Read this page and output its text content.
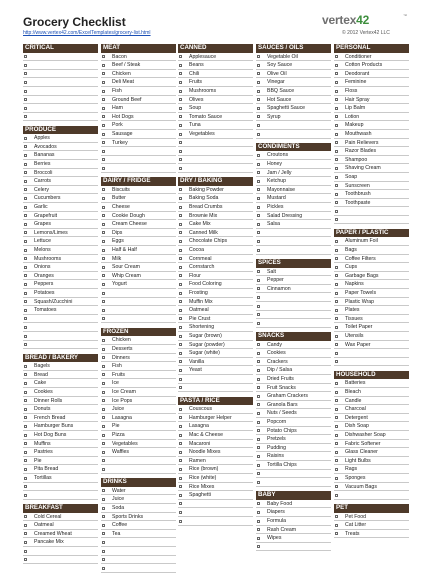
Grocery Checklist
http://www.vertex42.com/ExcelTemplates/grocery-list.html
vertex42	™
© 2012 Vertex42 LLC
CRITICAL
PRODUCE
Apples
Avocados
Bananas
Berries
Broccoli
Carrots
Celery
Cucumbers
Garlic
Grapefruit
Grapes
Lemons/Limes
Lettuce
Melons
Mushrooms
Onions
Oranges
Peppers
Potatoes
Squash/Zucchini
Tomatoes
BREAD / BAKERY
Bagels
Bread
Cake
Cookies
Dinner Rolls
Donuts
French Bread
Hamburger Buns
Hot Dog Buns
Muffins
Pastries
Pie
Pita Bread
Tortillas
BREAKFAST
Cold Cereal
Oatmeal
Creamed Wheat
Pancake Mix
MEAT
Bacon
Beef / Steak
Chicken
Deli Meat
Fish
Ground Beef
Ham
Hot Dogs
Pork
Sausage
Turkey
DAIRY / FRIDGE
Biscuits
Butter
Cheese
Cookie Dough
Cream Cheese
Dips
Eggs
Half & Half
Milk
Sour Cream
Whip Cream
Yogurt
FROZEN
Chicken
Desserts
Dinners
Fish
Fruits
Ice
Ice Cream
Ice Pops
Juice
Lasagna
Pie
Pizza
Vegetables
Waffles
DRINKS
Water
Juice
Soda
Sports Drinks
Coffee
Tea
CANNED
Applesauce
Beans
Chili
Fruits
Mushrooms
Olives
Soup
Tomato Sauce
Tuna
Vegetables
DRY / BAKING
Baking Powder
Baking Soda
Bread Crumbs
Brownie Mix
Cake Mix
Canned Milk
Chocolate Chips
Cocoa
Cornmeal
Cornstarch
Flour
Food Coloring
Frosting
Muffin Mix
Oatmeal
Pie Crust
Shortening
Sugar (brown)
Sugar (powder)
Sugar (white)
Vanilla
Yeast
PASTA / RICE
Couscous
Hamburger Helper
Lasagna
Mac & Cheese
Macaroni
Noodle Mixes
Ramen
Rice (brown)
Rice (white)
Rice Mixes
Spaghetti
SAUCES / OILS
Vegetable Oil
Soy Sauce
Olive Oil
Vinegar
BBQ Sauce
Hot Sauce
Spaghetti Sauce
Syrup
CONDIMENTS
Croutons
Honey
Jam / Jelly
Ketchup
Mayonnaise
Mustard
Pickles
Salad Dressing
Salsa
SPICES
Salt
Pepper
Cinnamon
SNACKS
Candy
Cookies
Crackers
Dip / Salsa
Dried Fruits
Fruit Snacks
Graham Crackers
Granola Bars
Nuts / Seeds
Popcorn
Potato Chips
Pretzels
Pudding
Raisins
Tortilla Chips
BABY
Baby Food
Diapers
Formula
Rash Cream
Wipes
PERSONAL
Conditioner
Cotton Products
Deodorant
Feminine
Floss
Hair Spray
Lip Balm
Lotion
Makeup
Mouthwash
Pain Relievers
Razor Blades
Shampoo
Shaving Cream
Soap
Sunscreen
Toothbrush
Toothpaste
PAPER / PLASTIC
Aluminum Foil
Bags
Coffee Filters
Cups
Garbage Bags
Napkins
Paper Towels
Plastic Wrap
Plates
Tissues
Toilet Paper
Utensils
Wax Paper
HOUSEHOLD
Batteries
Bleach
Candle
Charcoal
Detergent
Dish Soap
Dishwasher Soap
Fabric Softener
Glass Cleaner
Light Bulbs
Rags
Sponges
Vacuum Bags
PET
Pet Food
Cat Litter
Treats
